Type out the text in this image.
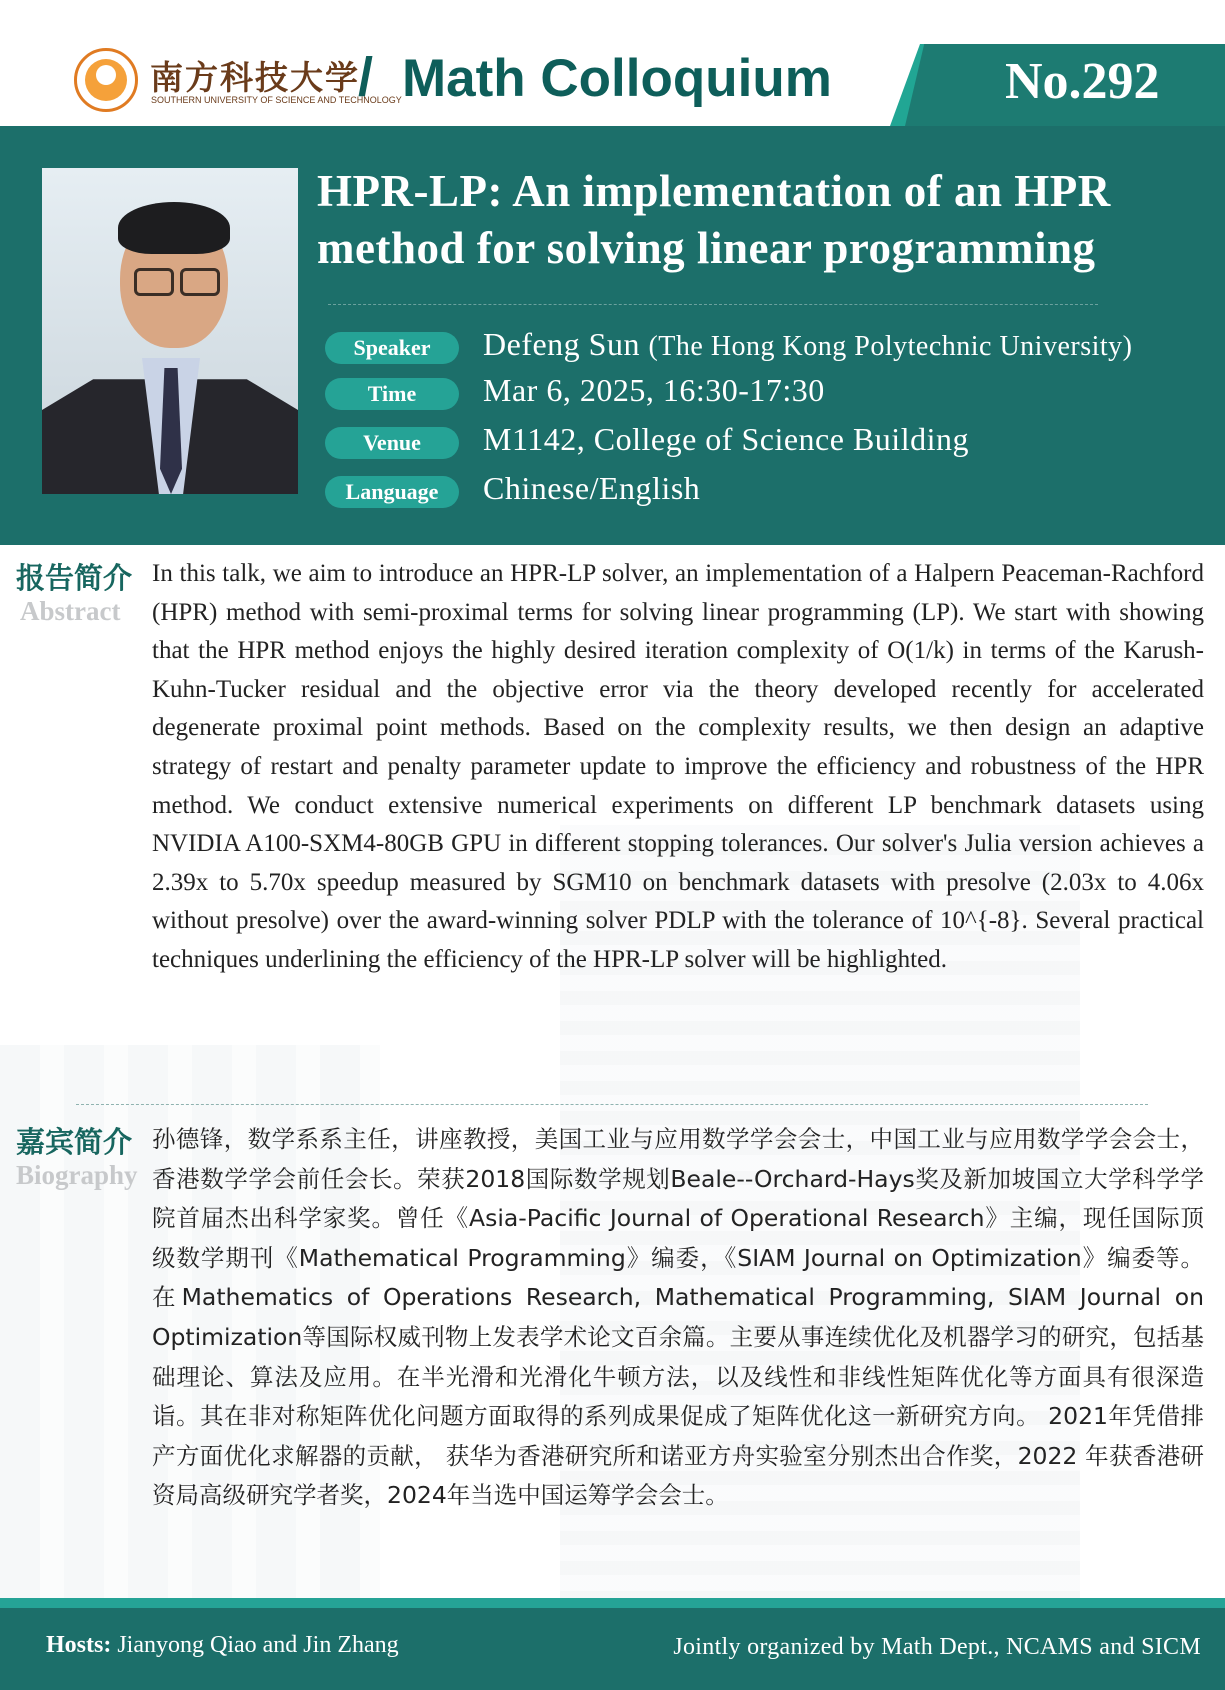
南方科技大学
SOUTHERN UNIVERSITY OF SCIENCE AND TECHNOLOGY
/ Math Colloquium	No.292
HPR-LP: An implementation of an HPR method for solving linear programming
Speaker	Defeng Sun (The Hong Kong Polytechnic University)
Time	Mar 6, 2025, 16:30-17:30
Venue	M1142, College of Science Building
Language	Chinese/English
报告简介
Abstract
In this talk, we aim to introduce an HPR-LP solver, an implementation of a Halpern Peaceman-Rachford (HPR) method with semi-proximal terms for solving linear programming (LP). We start with showing that the HPR method enjoys the highly desired iteration complexity of O(1/k) in terms of the Karush-Kuhn-Tucker residual and the objective error via the theory developed recently for accelerated degenerate proximal point methods. Based on the complexity results, we then design an adaptive strategy of restart and penalty parameter update to improve the efficiency and robustness of the HPR method. We conduct extensive numerical experiments on different LP benchmark datasets using NVIDIA A100-SXM4-80GB GPU in different stopping tolerances. Our solver's Julia version achieves a 2.39x to 5.70x speedup measured by SGM10 on benchmark datasets with presolve (2.03x to 4.06x without presolve) over the award-winning solver PDLP with the tolerance of 10^{-8}. Several practical techniques underlining the efficiency of the HPR-LP solver will be highlighted.
嘉宾简介
Biography
孙德锋，数学系系主任，讲座教授，美国工业与应用数学学会会士，中国工业与应用数学学会会士，香港数学学会前任会长。荣获2018国际数学规划Beale--Orchard-Hays奖及新加坡国立大学科学学院首届杰出科学家奖。曾任《Asia-Pacific Journal of Operational Research》主编，现任国际顶级数学期刊《Mathematical Programming》编委，《SIAM Journal on Optimization》编委等。在Mathematics of Operations Research, Mathematical Programming, SIAM Journal on Optimization等国际权威刊物上发表学术论文百余篇。主要从事连续优化及机器学习的研究，包括基础理论、算法及应用。在半光滑和光滑化牛顿方法，以及线性和非线性矩阵优化等方面具有很深造诣。其在非对称矩阵优化问题方面取得的系列成果促成了矩阵优化这一新研究方向。 2021年凭借排产方面优化求解器的贡献， 获华为香港研究所和诺亚方舟实验室分别杰出合作奖，2022 年获香港研资局高级研究学者奖，2024年当选中国运筹学会会士。
Hosts: Jianyong Qiao and Jin Zhang	Jointly organized by Math Dept., NCAMS and SICM
